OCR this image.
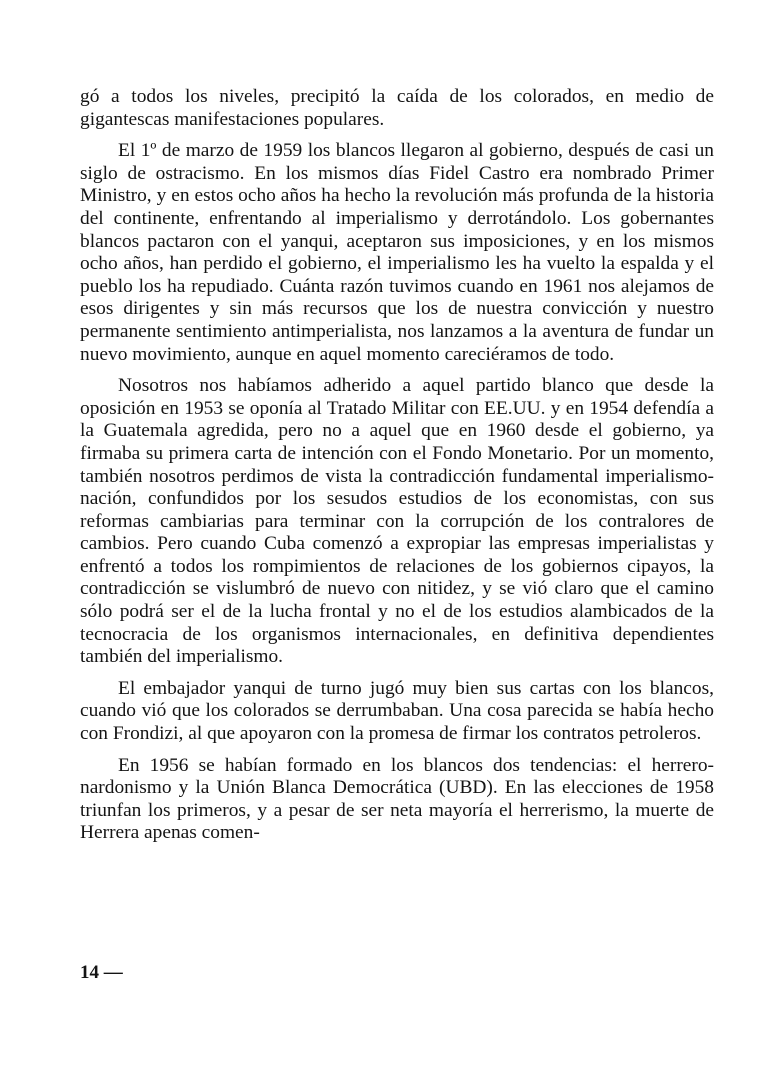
gó a todos los niveles, precipitó la caída de los colorados, en medio de gigantescas manifestaciones populares.

El 1º de marzo de 1959 los blancos llegaron al gobierno, después de casi un siglo de ostracismo. En los mismos días Fidel Castro era nombrado Primer Ministro, y en estos ocho años ha hecho la revolución más profunda de la historia del continente, enfrentando al imperialismo y derrotándolo. Los gobernantes blancos pactaron con el yanqui, aceptaron sus imposiciones, y en los mismos ocho años, han perdido el gobierno, el imperialismo les ha vuelto la espalda y el pueblo los ha repudiado. Cuánta razón tuvimos cuando en 1961 nos alejamos de esos dirigentes y sin más recursos que los de nuestra convicción y nuestro permanente sentimiento antimperialista, nos lanzamos a la aventura de fundar un nuevo movimiento, aunque en aquel momento careciéramos de todo.

Nosotros nos habíamos adherido a aquel partido blanco que desde la oposición en 1953 se oponía al Tratado Militar con EE.UU. y en 1954 defendía a la Guatemala agredida, pero no a aquel que en 1960 desde el gobierno, ya firmaba su primera carta de intención con el Fondo Monetario. Por un momento, también nosotros perdimos de vista la contradicción fundamental imperialismo-nación, confundidos por los sesudos estudios de los economistas, con sus reformas cambiarias para terminar con la corrupción de los contralores de cambios. Pero cuando Cuba comenzó a expropiar las empresas imperialistas y enfrentó a todos los rompimientos de relaciones de los gobiernos cipayos, la contradicción se vislumbró de nuevo con nitidez, y se vió claro que el camino sólo podrá ser el de la lucha frontal y no el de los estudios alambicados de la tecnocracia de los organismos internacionales, en definitiva dependientes también del imperialismo.

El embajador yanqui de turno jugó muy bien sus cartas con los blancos, cuando vió que los colorados se derrumbaban. Una cosa parecida se había hecho con Frondizi, al que apoyaron con la promesa de firmar los contratos petroleros.

En 1956 se habían formado en los blancos dos tendencias: el herrero-nardonismo y la Unión Blanca Democrática (UBD). En las elecciones de 1958 triunfan los primeros, y a pesar de ser neta mayoría el herrerismo, la muerte de Herrera apenas comen-

14 —
